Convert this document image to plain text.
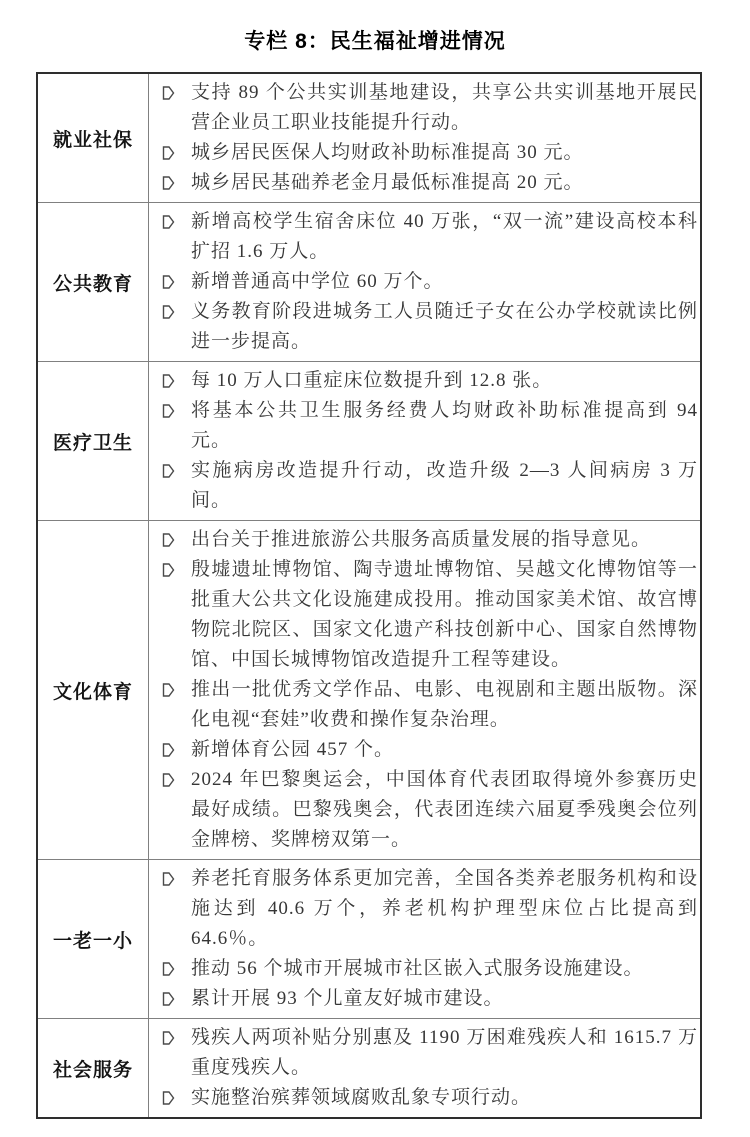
专栏 8：民生福祉增进情况
就业社保

支持 89 个公共实训基地建设，共享公共实训基地开展民营企业员工职业技能提升行动。

城乡居民医保人均财政补助标准提高 30 元。

城乡居民基础养老金月最低标准提高 20 元。

公共教育

新增高校学生宿舍床位 40 万张，“双一流”建设高校本科扩招 1.6 万人。

新增普通高中学位 60 万个。

义务教育阶段进城务工人员随迁子女在公办学校就读比例进一步提高。

医疗卫生

每 10 万人口重症床位数提升到 12.8 张。

将基本公共卫生服务经费人均财政补助标准提高到 94 元。

实施病房改造提升行动，改造升级 2—3 人间病房 3 万间。

文化体育

出台关于推进旅游公共服务高质量发展的指导意见。

殷墟遗址博物馆、陶寺遗址博物馆、吴越文化博物馆等一批重大公共文化设施建成投用。推动国家美术馆、故宫博物院北院区、国家文化遗产科技创新中心、国家自然博物馆、中国长城博物馆改造提升工程等建设。

推出一批优秀文学作品、电影、电视剧和主题出版物。深化电视“套娃”收费和操作复杂治理。

新增体育公园 457 个。

2024 年巴黎奥运会，中国体育代表团取得境外参赛历史最好成绩。巴黎残奥会，代表团连续六届夏季残奥会位列金牌榜、奖牌榜双第一。

一老一小

养老托育服务体系更加完善，全国各类养老服务机构和设施达到 40.6 万个，养老机构护理型床位占比提高到 64.6％。

推动 56 个城市开展城市社区嵌入式服务设施建设。

累计开展 93 个儿童友好城市建设。

社会服务

残疾人两项补贴分别惠及 1190 万困难残疾人和 1615.7 万重度残疾人。

实施整治殡葬领域腐败乱象专项行动。
